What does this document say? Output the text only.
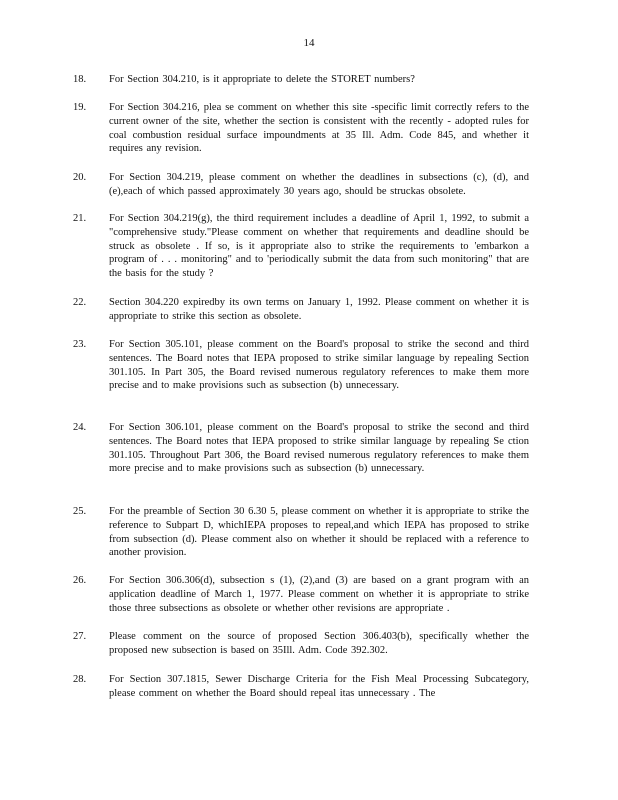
14
18. For Section 304.210, is it appropriate to delete the STORET numbers?
19. For Section 304.216, plea se comment on whether this site -specific limit correctly refers to the current owner of the site, whether the section is consistent with the recently - adopted rules for coal combustion residual surface impoundments at 35 Ill. Adm. Code 845, and whether it requires any revision.
20. For Section 304.219, please comment on whether the deadlines in subsections (c), (d), and (e),each of which passed approximately 30 years ago, should be struckas obsolete.
21. For Section 304.219(g), the third requirement includes a deadline of April 1, 1992, to submit a "comprehensive study."Please comment on whether that requirements and deadline should be struck as obsolete . If so, is it appropriate also to strike the requirements to 'embarkon a program of . . . monitoring" and to 'periodically submit the data from such monitoring" that are the basis for the study ?
22. Section 304.220 expiredby its own terms on January 1, 1992. Please comment on whether it is appropriate to strike this section as obsolete.
23. For Section 305.101, please comment on the Board's proposal to strike the second and third sentences. The Board notes that IEPA proposed to strike similar language by repealing Section 301.105. In Part 305, the Board revised numerous regulatory references to make them more precise and to make provisions such as subsection (b) unnecessary.
24. For Section 306.101, please comment on the Board's proposal to strike the second and third sentences. The Board notes that IEPA proposed to strike similar language by repealing Se ction 301.105. Throughout Part 306, the Board revised numerous regulatory references to make them more precise and to make provisions such as subsection (b) unnecessary.
25. For the preamble of Section 30 6.30 5, please comment on whether it is appropriate to strike the reference to Subpart D, whichIEPA proposes to repeal,and which IEPA has proposed to strike from subsection (d). Please comment also on whether it should be replaced with a reference to another provision.
26. For Section 306.306(d), subsection s (1), (2),and (3) are based on a grant program with an application deadline of March 1, 1977. Please comment on whether it is appropriate to strike those three subsections as obsolete or whether other revisions are appropriate .
27. Please comment on the source of proposed Section 306.403(b), specifically whether the proposed new subsection is based on 35Ill. Adm. Code 392.302.
28. For Section 307.1815, Sewer Discharge Criteria for the Fish Meal Processing Subcategory, please comment on whether the Board should repeal itas unnecessary . The
